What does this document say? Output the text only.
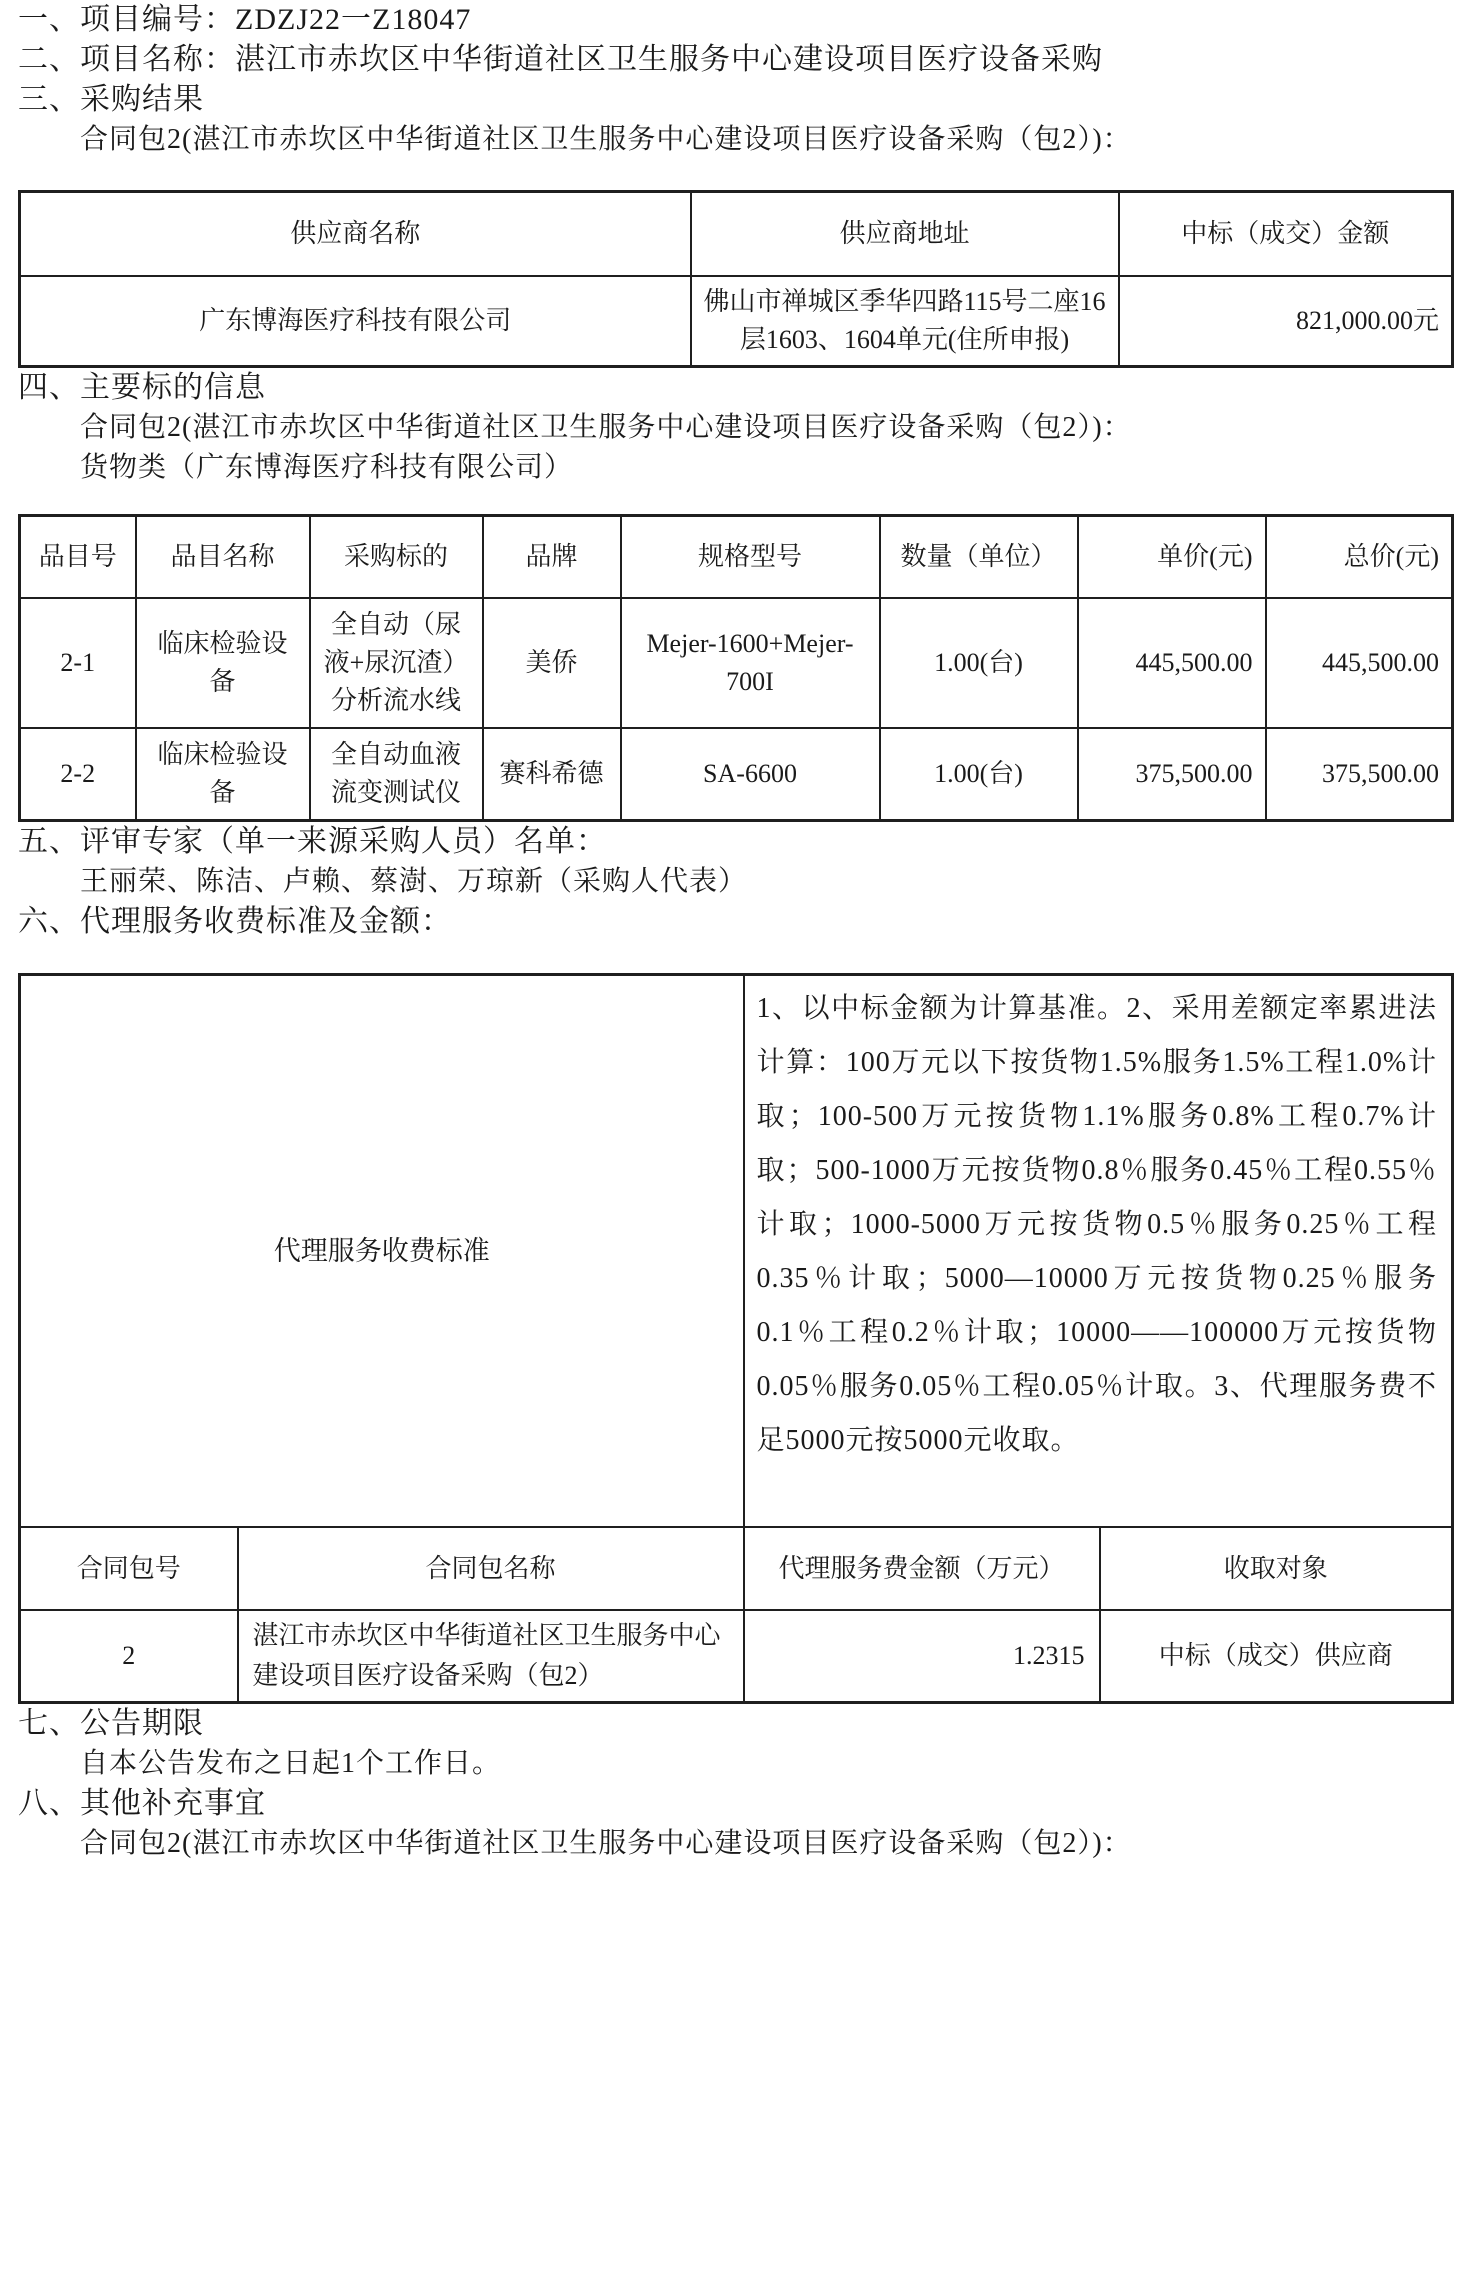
一、项目编号：ZDZJ22一Z18047
二、项目名称：湛江市赤坎区中华街道社区卫生服务中心建设项目医疗设备采购
三、采购结果

合同包2(湛江市赤坎区中华街道社区卫生服务中心建设项目医疗设备采购（包2）)：

供应商名称	供应商地址	中标（成交）金额
广东博海医疗科技有限公司	佛山市禅城区季华四路115号二座16层1603、1604单元(住所申报)	821,000.00元
四、主要标的信息

合同包2(湛江市赤坎区中华街道社区卫生服务中心建设项目医疗设备采购（包2）)：

货物类（广东博海医疗科技有限公司）

品目号	品目名称	采购标的	品牌	规格型号	数量（单位）	单价(元)	总价(元)
2-1	临床检验设备	全自动（尿液+尿沉渣）分析流水线	美侨	Mejer-1600+Mejer-700I	1.00(台)	445,500.00	445,500.00
2-2	临床检验设备	全自动血液流变测试仪	赛科希德	SA-6600	1.00(台)	375,500.00	375,500.00
五、评审专家（单一来源采购人员）名单：

王丽荣、陈洁、卢赖、蔡澍、万琼新（采购人代表）

六、代理服务收费标准及金额：
代理服务收费标准		1、以中标金额为计算基准。2、采用差额定率累进法计算：100万元以下按货物1.5%服务1.5%工程1.0%计取；100-500万元按货物1.1%服务0.8%工程0.7%计取；500-1000万元按货物0.8％服务0.45％工程0.55％计取；1000-5000万元按货物0.5％服务0.25％工程0.35％计取；5000—10000万元按货物0.25％服务0.1％工程0.2％计取；10000——100000万元按货物0.05％服务0.05％工程0.05％计取。3、代理服务费不足5000元按5000元收取。	
合同包号	合同包名称	代理服务费金额（万元）	收取对象
2	湛江市赤坎区中华街道社区卫生服务中心建设项目医疗设备采购（包2）	1.2315	中标（成交）供应商
七、公告期限

自本公告发布之日起1个工作日。

八、其他补充事宜

合同包2(湛江市赤坎区中华街道社区卫生服务中心建设项目医疗设备采购（包2）)：
